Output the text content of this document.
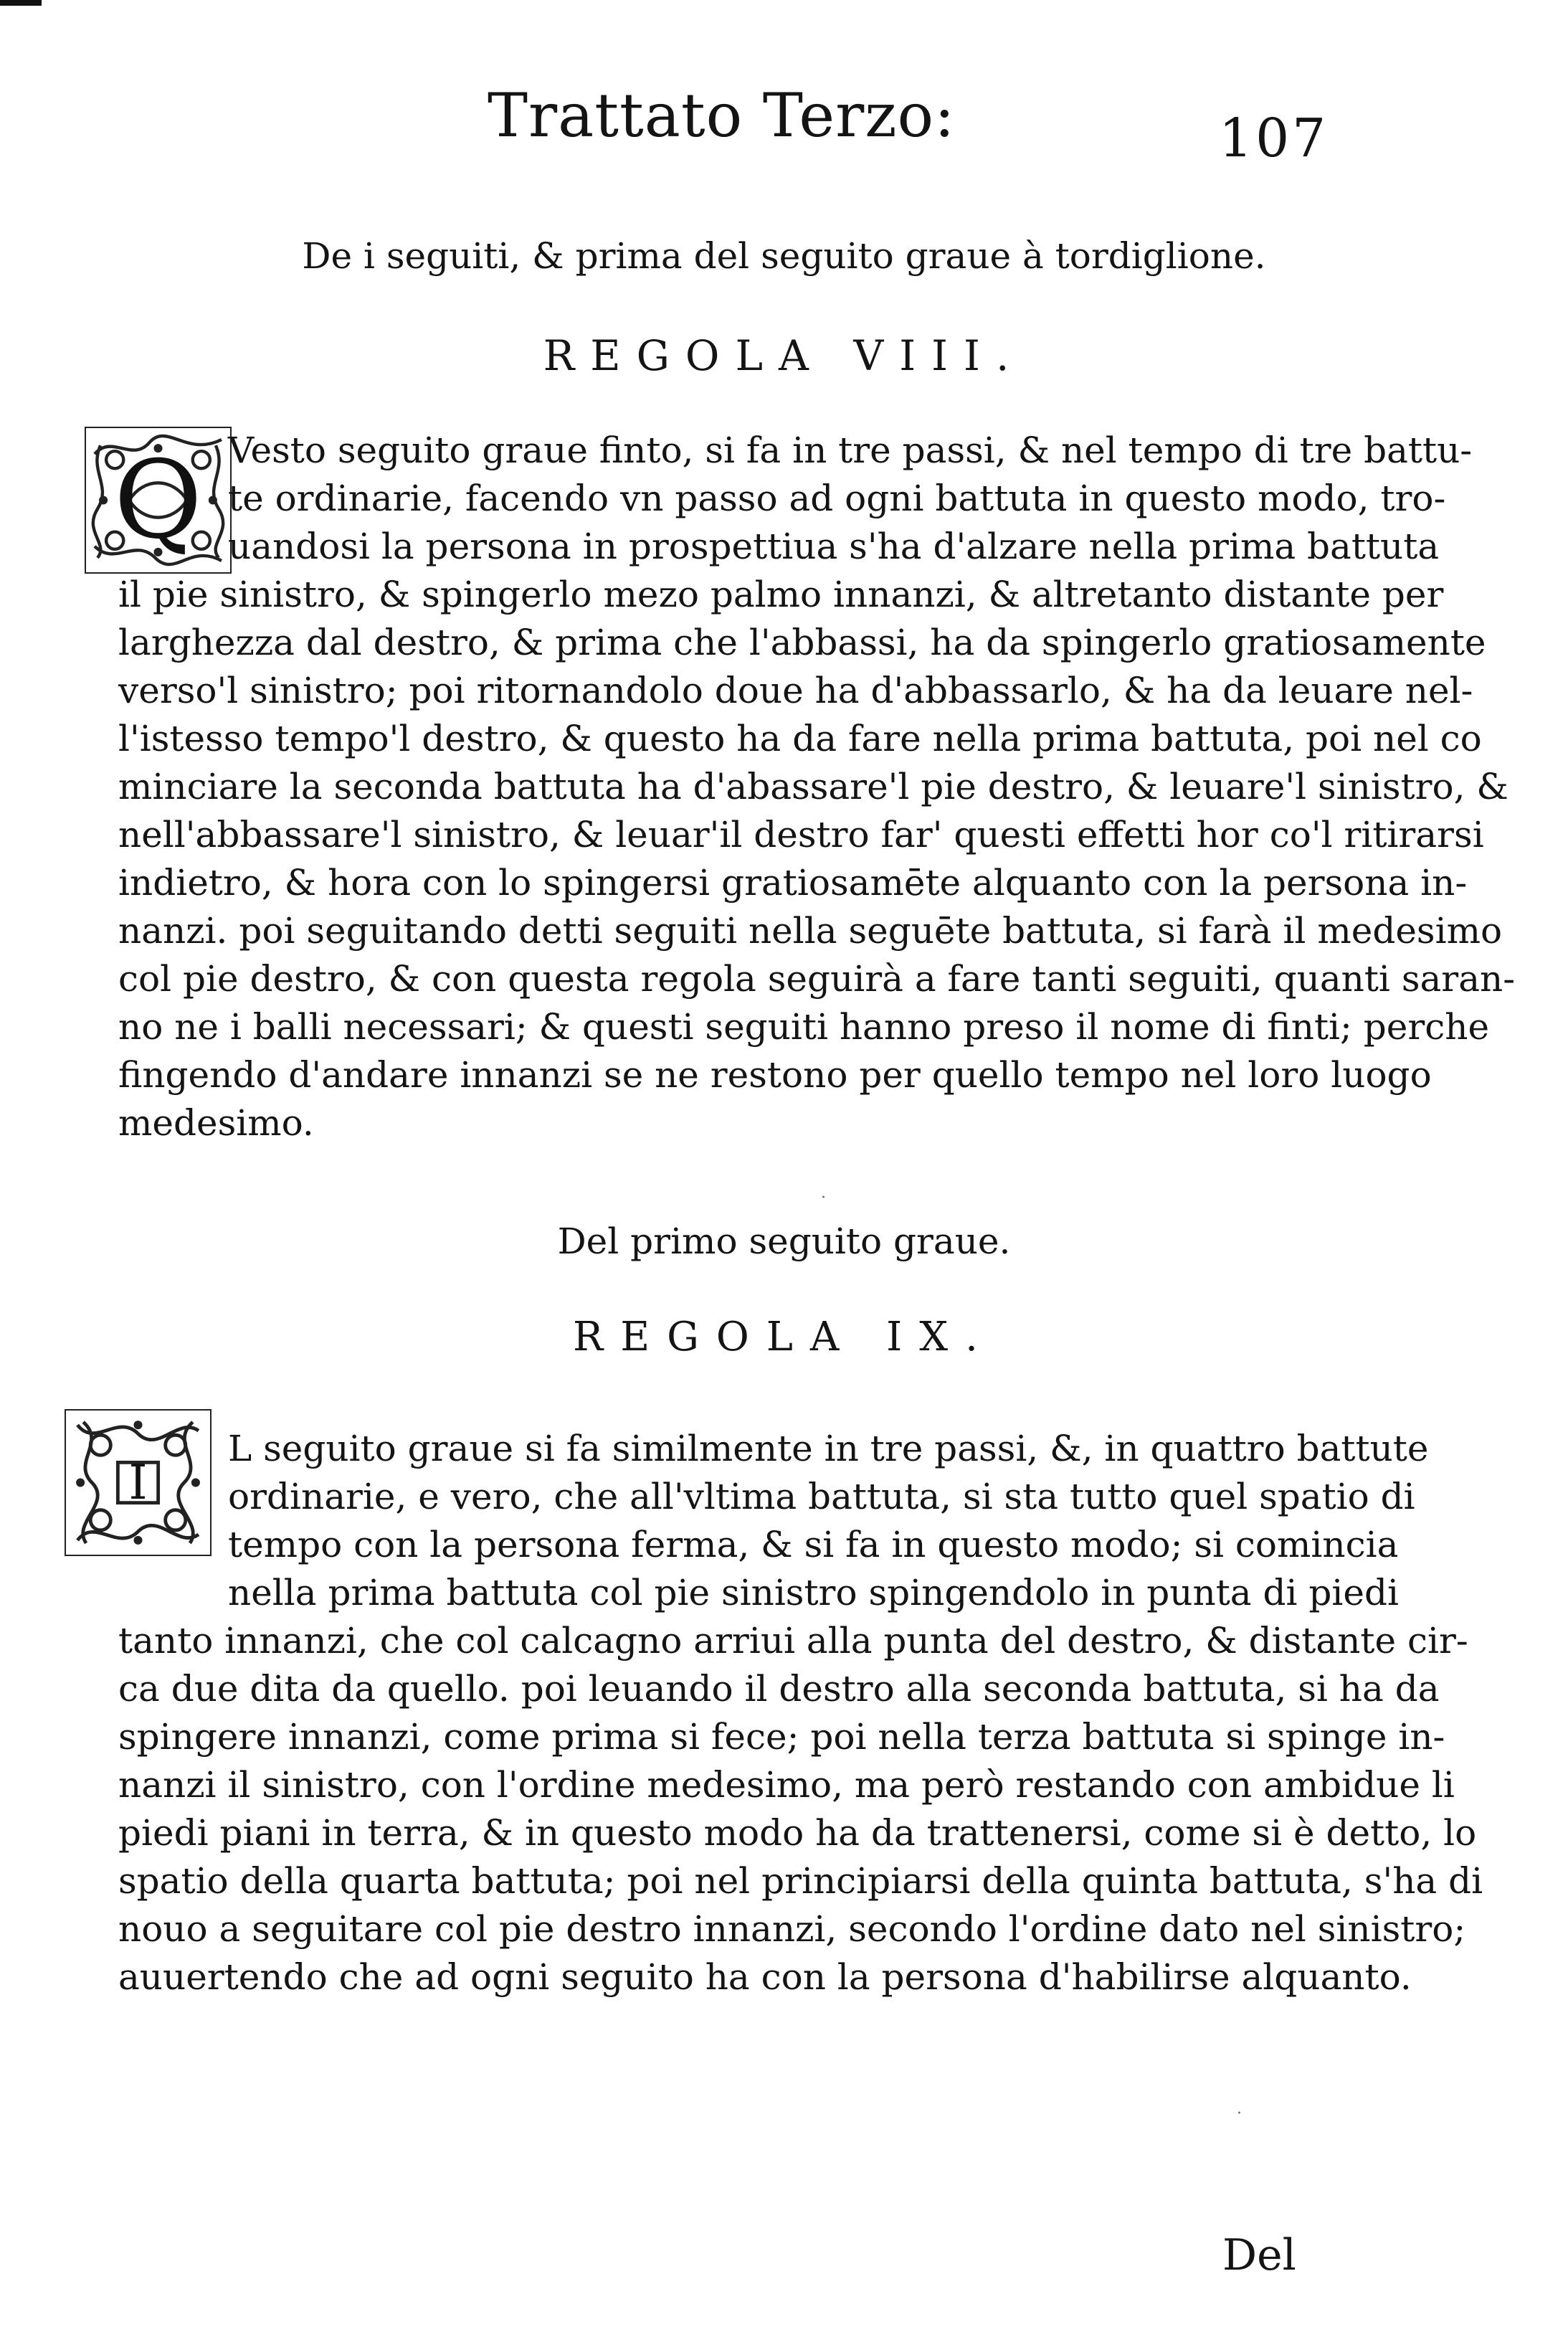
Trattato Terzo:	107
De i seguiti, & prima del seguito graue à tordiglione.
REGOLA VIII.
Q Vesto seguito graue finto, si fa in tre passi, & nel tempo di tre battu-
te ordinarie, facendo vn passo ad ogni battuta in questo modo, tro-
uandosi la persona in prospettiua s'ha d'alzare nella prima battuta
il pie sinistro, & spingerlo mezo palmo innanzi, & altretanto distante per
larghezza dal destro, & prima che l'abbassi, ha da spingerlo gratiosamente
verso'l sinistro; poi ritornandolo doue ha d'abbassarlo, & ha da leuare nel-
l'istesso tempo'l destro, & questo ha da fare nella prima battuta, poi nel co
minciare la seconda battuta ha d'abassare'l pie destro, & leuare'l sinistro, &
nell'abbassare'l sinistro, & leuar'il destro far' questi effetti hor co'l ritirarsi
indietro, & hora con lo spingersi gratiosamēte alquanto con la persona in-
nanzi. poi seguitando detti seguiti nella seguēte battuta, si farà il medesimo
col pie destro, & con questa regola seguirà a fare tanti seguiti, quanti saran-
no ne i balli necessari; & questi seguiti hanno preso il nome di finti; perche
fingendo d'andare innanzi se ne restono per quello tempo nel loro luogo
medesimo.
Del primo seguito graue.
REGOLA IX.
I
L seguito graue si fa similmente in tre passi, &, in quattro battute
ordinarie, e vero, che all'vltima battuta, si sta tutto quel spatio di
tempo con la persona ferma, & si fa in questo modo; si comincia
nella prima battuta col pie sinistro spingendolo in punta di piedi
tanto innanzi, che col calcagno arriui alla punta del destro, & distante cir-
ca due dita da quello. poi leuando il destro alla seconda battuta, si ha da
spingere innanzi, come prima si fece; poi nella terza battuta si spinge in-
nanzi il sinistro, con l'ordine medesimo, ma però restando con ambidue li
piedi piani in terra, & in questo modo ha da trattenersi, come si è detto, lo
spatio della quarta battuta; poi nel principiarsi della quinta battuta, s'ha di
nouo a seguitare col pie destro innanzi, secondo l'ordine dato nel sinistro;
auuertendo che ad ogni seguito ha con la persona d'habilirse alquanto.
·
·
Del
